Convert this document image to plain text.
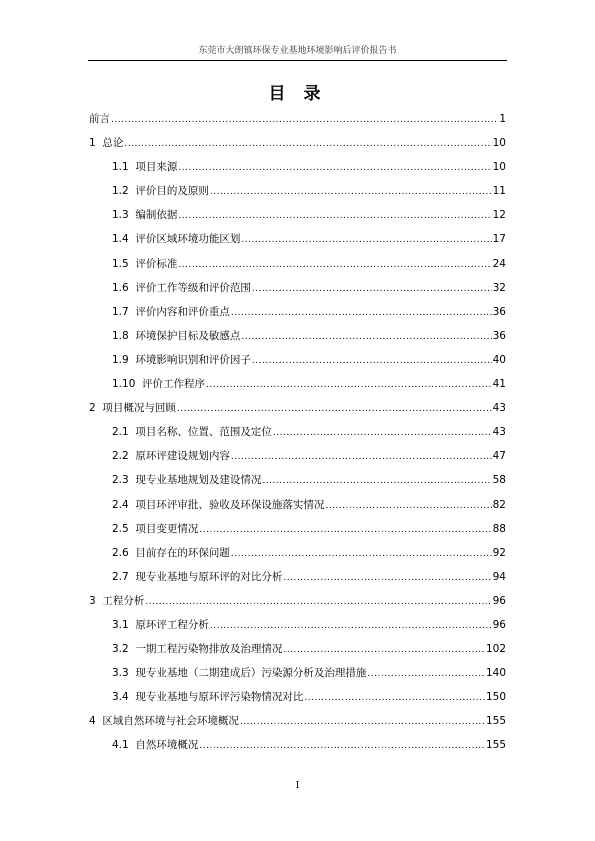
东莞市大朗镇环保专业基地环境影响后评价报告书
目 录
前言 .....	1
1  总论 .....	10
1.1  项目来源 .....	10
1.2  评价目的及原则 .....	11
1.3  编制依据 .....	12
1.4  评价区域环境功能区划 .....	17
1.5  评价标准 .....	24
1.6  评价工作等级和评价范围 .....	32
1.7  评价内容和评价重点 .....	36
1.8  环境保护目标及敏感点 .....	36
1.9  环境影响识别和评价因子 .....	40
1.10  评价工作程序 .....	41
2  项目概况与回顾 .....	43
2.1  项目名称、位置、范围及定位 .....	43
2.2  原环评建设规划内容 .....	47
2.3  现专业基地规划及建设情况 .....	58
2.4  项目环评审批、验收及环保设施落实情况 .....	82
2.5  项目变更情况 .....	88
2.6  目前存在的环保问题 .....	92
2.7  现专业基地与原环评的对比分析 .....	94
3  工程分析 .....	96
3.1  原环评工程分析 .....	96
3.2  一期工程污染物排放及治理情况 .....	102
3.3  现专业基地（二期建成后）污染源分析及治理措施 .....	140
3.4  现专业基地与原环评污染物情况对比 .....	150
4  区域自然环境与社会环境概况 .....	155
4.1  自然环境概况 .....	155
I
